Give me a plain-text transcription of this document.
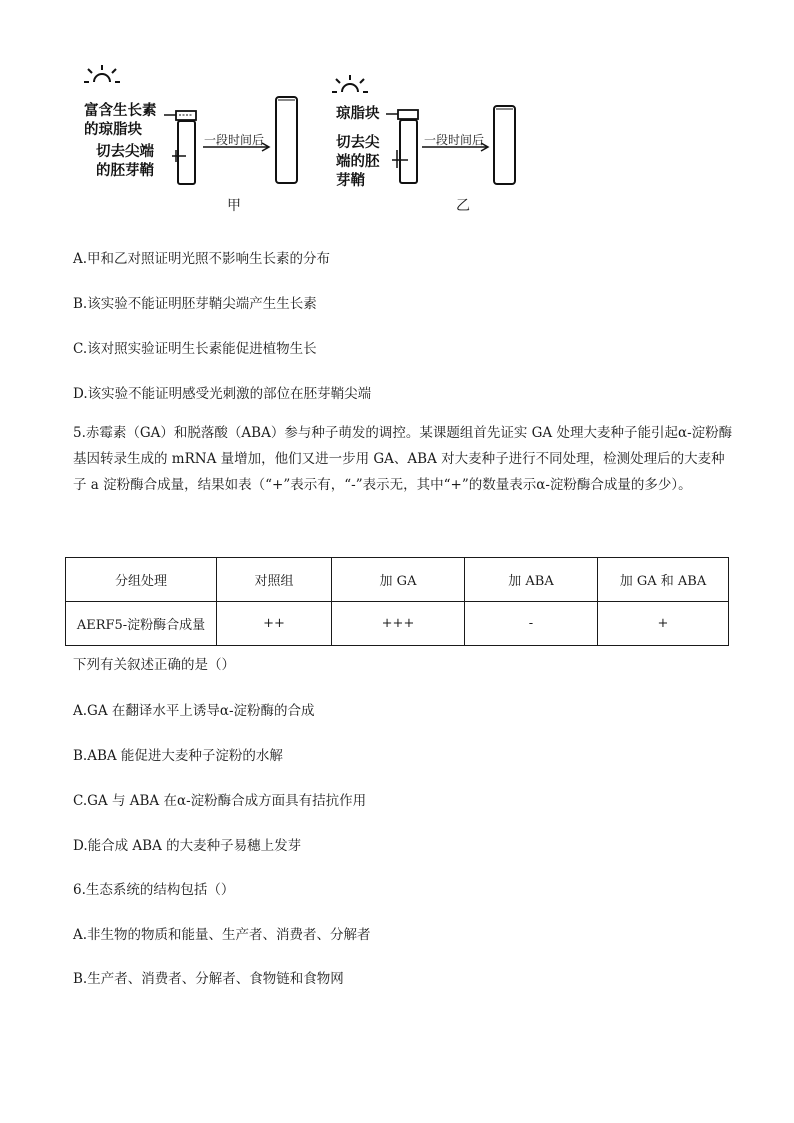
富含生长素
的琼脂块
切去尖端
的胚芽鞘
一段时间后
甲
琼脂块
切去尖
端的胚
芽鞘
一段时间后
乙
A.甲和乙对照证明光照不影响生长素的分布
B.该实验不能证明胚芽鞘尖端产生生长素
C.该对照实验证明生长素能促进植物生长
D.该实验不能证明感受光刺激的部位在胚芽鞘尖端
5.赤霉素（GA）和脱落酸（ABA）参与种子萌发的调控。某课题组首先证实 GA 处理大麦种子能引起α-淀粉酶基因转录生成的 mRNA 量增加，他们又进一步用 GA、ABA 对大麦种子进行不同处理，检测处理后的大麦种子 a 淀粉酶合成量，结果如表（“+”表示有，“-”表示无，其中“+”的数量表示α-淀粉酶合成量的多少）。
分组处理	对照组	加 GA	加 ABA	加 GA 和 ABA
AERF5-淀粉酶合成量	++	+++	-	+
下列有关叙述正确的是（）
A.GA 在翻译水平上诱导α-淀粉酶的合成
B.ABA 能促进大麦种子淀粉的水解
C.GA 与 ABA 在α-淀粉酶合成方面具有拮抗作用
D.能合成 ABA 的大麦种子易穗上发芽
6.生态系统的结构包括（）
A.非生物的物质和能量、生产者、消费者、分解者
B.生产者、消费者、分解者、食物链和食物网
